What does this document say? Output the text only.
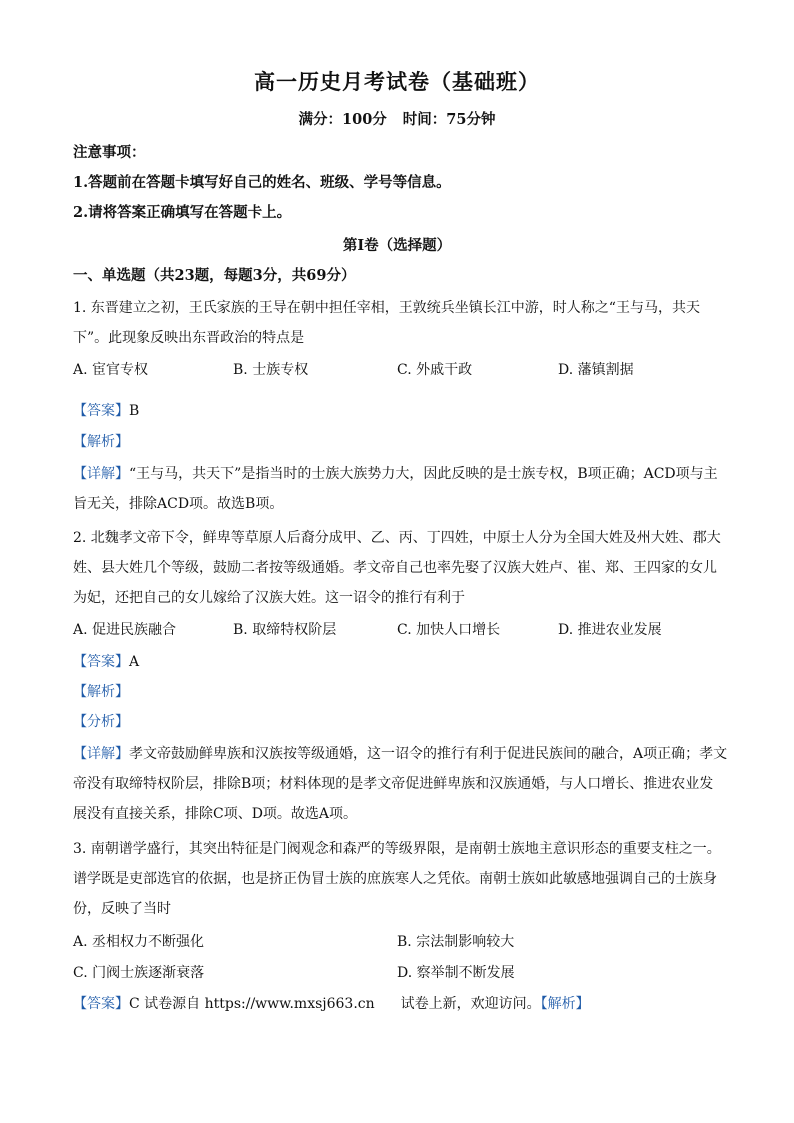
高一历史月考试卷（基础班）
满分：100分 时间：75分钟
注意事项：
1.答题前在答题卡填写好自己的姓名、班级、学号等信息。
2.请将答案正确填写在答题卡上。
第Ⅰ卷（选择题）
一、单选题（共23题，每题3分，共69分）
1. 东晋建立之初，王氏家族的王导在朝中担任宰相，王敦统兵坐镇长江中游，时人称之“王与马，共天
下”。此现象反映出东晋政治的特点是
A. 宦官专权	B. 士族专权	C. 外戚干政	D. 藩镇割据
【答案】B
【解析】
【详解】“王与马，共天下”是指当时的士族大族势力大，因此反映的是士族专权，B项正确；ACD项与主
旨无关，排除ACD项。故选B项。
2. 北魏孝文帝下令，鲜卑等草原人后裔分成甲、乙、丙、丁四姓，中原士人分为全国大姓及州大姓、郡大
姓、县大姓几个等级，鼓励二者按等级通婚。孝文帝自己也率先娶了汉族大姓卢、崔、郑、王四家的女儿
为妃，还把自己的女儿嫁给了汉族大姓。这一诏令的推行有利于
A. 促进民族融合	B. 取缔特权阶层	C. 加快人口增长	D. 推进农业发展
【答案】A
【解析】
【分析】
【详解】孝文帝鼓励鲜卑族和汉族按等级通婚，这一诏令的推行有利于促进民族间的融合，A项正确；孝文
帝没有取缔特权阶层，排除B项；材料体现的是孝文帝促进鲜卑族和汉族通婚，与人口增长、推进农业发
展没有直接关系，排除C项、D项。故选A项。
3. 南朝谱学盛行，其突出特征是门阀观念和森严的等级界限，是南朝士族地主意识形态的重要支柱之一。
谱学既是吏部选官的依据，也是挤正伪冒士族的庶族寒人之凭依。南朝士族如此敏感地强调自己的士族身
份，反映了当时
A. 丞相权力不断强化	B. 宗法制影响较大
C. 门阀士族逐渐衰落	D. 察举制不断发展
【答案】C 试卷源自 https://www.mxsj663.cn 试卷上新，欢迎访问。【解析】
